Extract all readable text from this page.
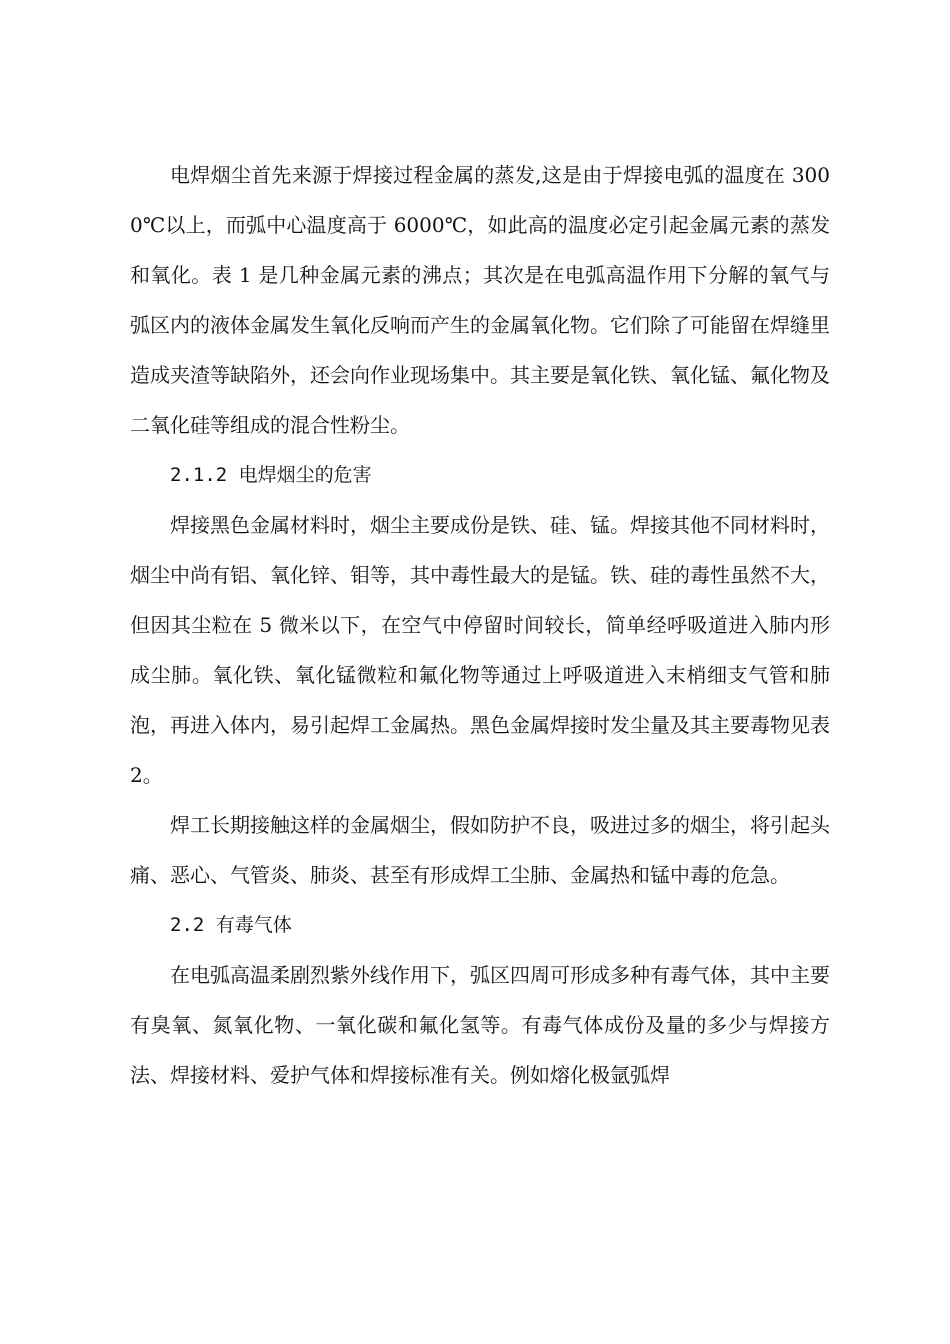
电焊烟尘首先来源于焊接过程金属的蒸发,这是由于焊接电弧的温度在 3000℃以上，而弧中心温度高于 6000℃，如此高的温度必定引起金属元素的蒸发和氧化。表 1 是几种金属元素的沸点；其次是在电弧高温作用下分解的氧气与弧区内的液体金属发生氧化反响而产生的金属氧化物。它们除了可能留在焊缝里造成夹渣等缺陷外，还会向作业现场集中。其主要是氧化铁、氧化锰、氟化物及二氧化硅等组成的混合性粉尘。

2.1.2 电焊烟尘的危害

焊接黑色金属材料时，烟尘主要成份是铁、硅、锰。焊接其他不同材料时，烟尘中尚有铝、氧化锌、钼等，其中毒性最大的是锰。铁、硅的毒性虽然不大，但因其尘粒在 5 微米以下，在空气中停留时间较长，简单经呼吸道进入肺内形成尘肺。氧化铁、氧化锰微粒和氟化物等通过上呼吸道进入末梢细支气管和肺泡，再进入体内，易引起焊工金属热。黑色金属焊接时发尘量及其主要毒物见表 2。

焊工长期接触这样的金属烟尘，假如防护不良，吸进过多的烟尘，将引起头痛、恶心、气管炎、肺炎、甚至有形成焊工尘肺、金属热和锰中毒的危急。

2.2 有毒气体

在电弧高温柔剧烈紫外线作用下，弧区四周可形成多种有毒气体，其中主要有臭氧、氮氧化物、一氧化碳和氟化氢等。有毒气体成份及量的多少与焊接方法、焊接材料、爱护气体和焊接标准有关。例如熔化极氩弧焊
